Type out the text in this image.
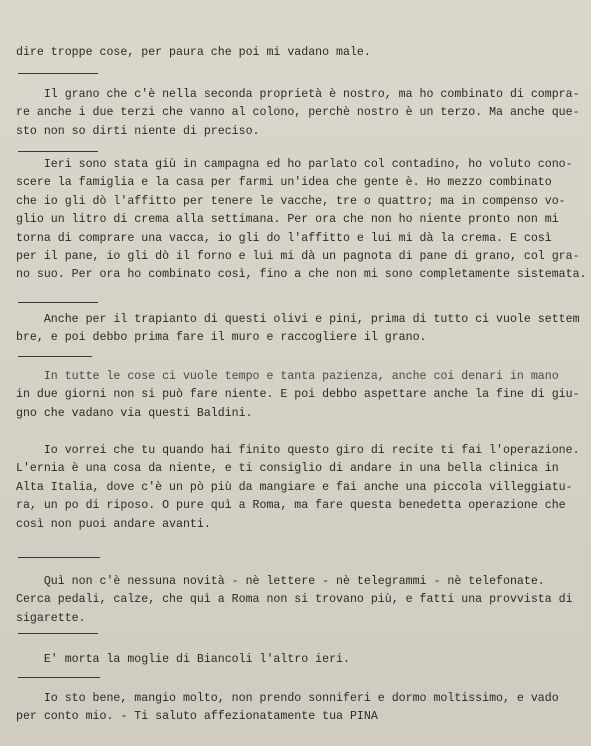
dire troppe cose, per paura che poi mi vadano male.
Il grano che c'è nella seconda proprietà è nostro, ma ho combinato di compra-
re anche i due terzi che vanno al colono, perchè nostro è un terzo. Ma anche que-
sto non so dirti niente di preciso.
Ieri sono stata giù in campagna ed ho parlato col contadino, ho voluto cono-
scere la famiglia e la casa per farmi un'idea che gente è. Ho mezzo combinato
che io gli dò l'affitto per tenere le vacche, tre o quattro; ma in compenso vo-
glio un litro di crema alla settimana. Per ora che non ho niente pronto non mi
torna di comprare una vacca, io gli do l'affitto e lui mi dà la crema. E così
per il pane, io gli dò il forno e lui mi dà un pagnota di pane di grano, col gra-
no suo. Per ora ho combinato così, fino a che non mi sono completamente sistemata.
Anche per il trapianto di questi olivi e pini, prima di tutto ci vuole settem
bre, e poi debbo prima fare il muro e raccogliere il grano.
In tutte le cose ci vuole tempo e tanta pazienza, anche coi denari in mano
in due giorni non si può fare niente. E poi debbo aspettare anche la fine di giu-
gno che vadano via questi Baldini.
Io vorrei che tu quando hai finito questo giro di recite ti fai l'operazione.
L'ernia è una cosa da niente, e ti consiglio di andare in una bella clinica in
Alta Italia, dove c'è un pò più da mangiare e fai anche una piccola villeggiatu-
ra, un po di riposo. O pure quì a Roma, ma fare questa benedetta operazione che
così non puoi andare avanti.
Quì non c'è nessuna novità - nè lettere - nè telegrammi - nè telefonate.
Cerca pedali, calze, che quì a Roma non si trovano più, e fatti una provvista di
sigarette.
E' morta la moglie di Biancoli l'altro ieri.
Io sto bene, mangio molto, non prendo sonniferi e dormo moltissimo, e vado
per conto mio. - Ti saluto affezionatamente tua PINA
